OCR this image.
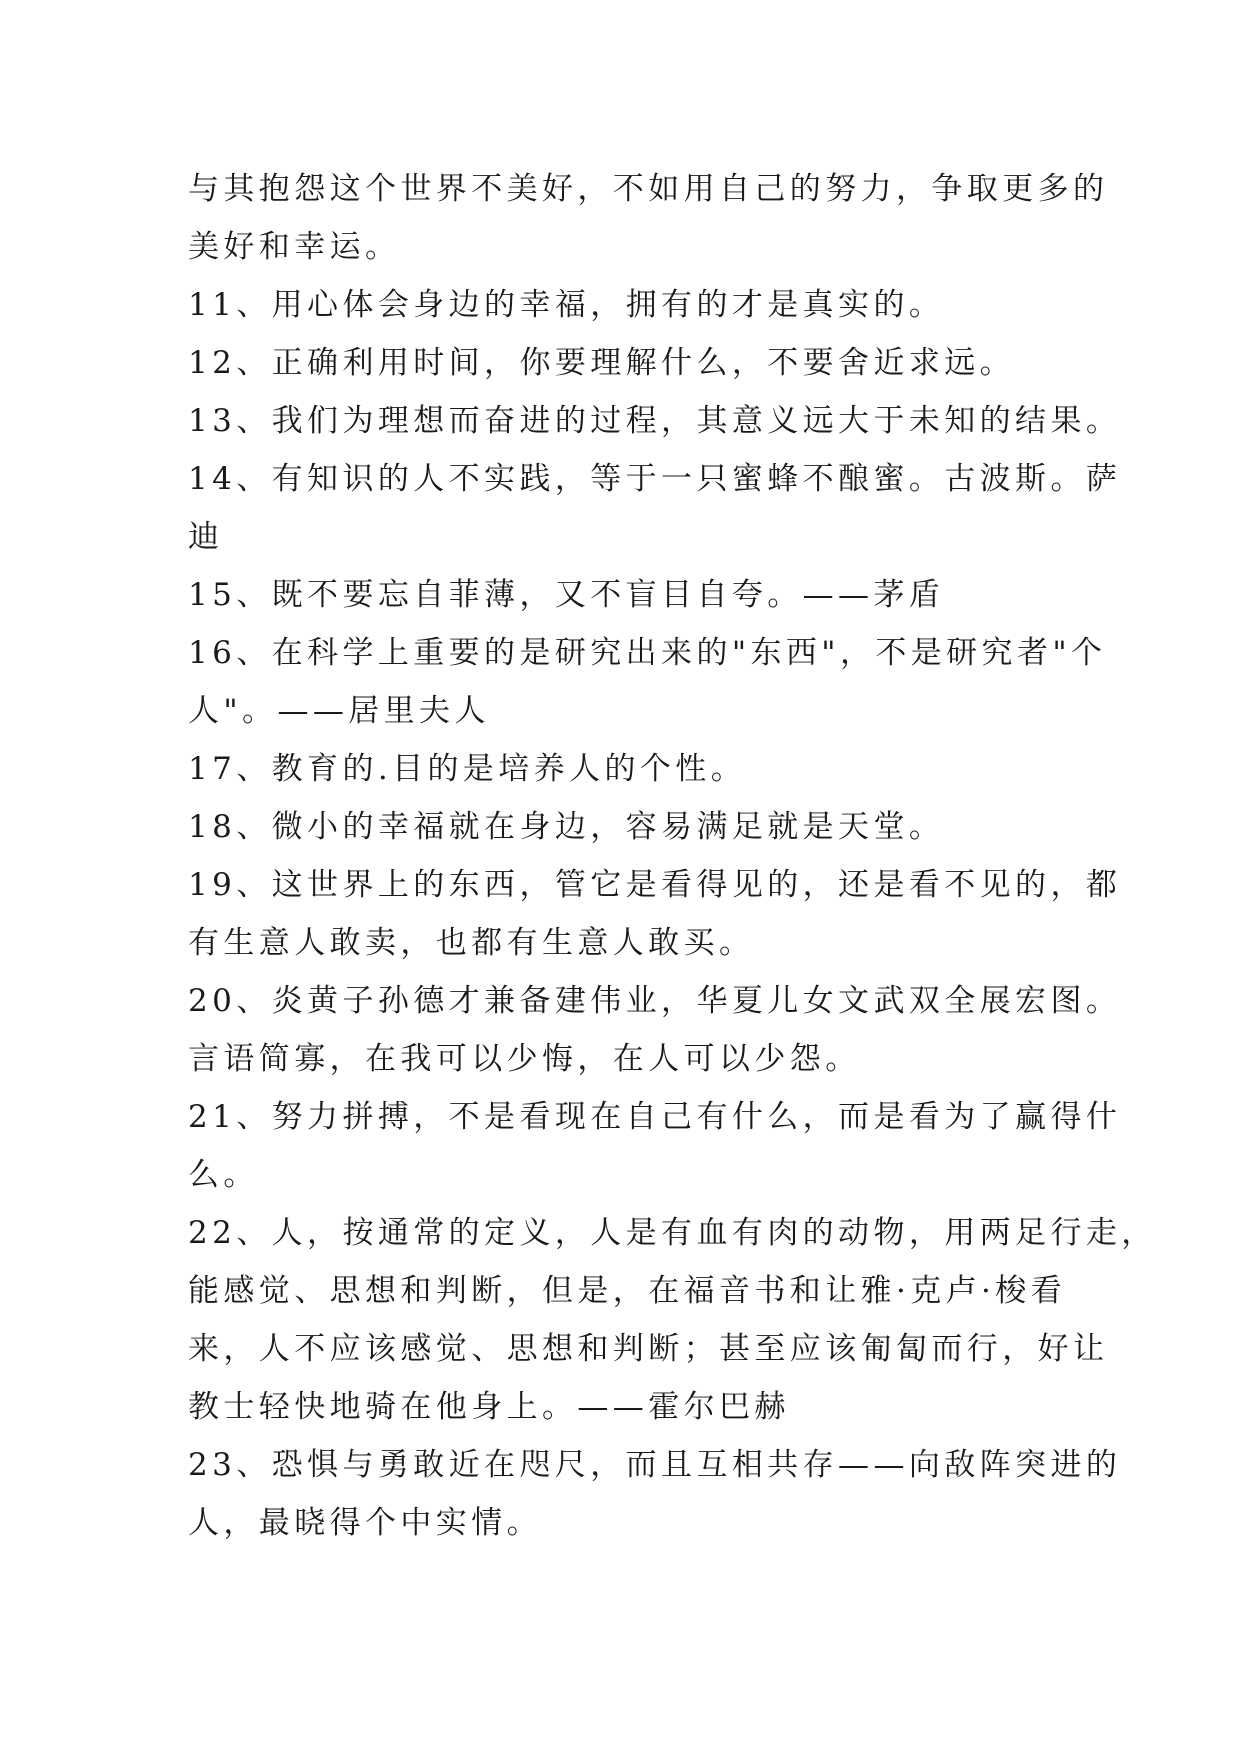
与其抱怨这个世界不美好，不如用自己的努力，争取更多的
美好和幸运。
11、用心体会身边的幸福，拥有的才是真实的。
12、正确利用时间，你要理解什么，不要舍近求远。
13、我们为理想而奋进的过程，其意义远大于未知的结果。
14、有知识的人不实践，等于一只蜜蜂不酿蜜。古波斯。萨
迪
15、既不要忘自菲薄，又不盲目自夸。——茅盾
16、在科学上重要的是研究出来的"东西"，不是研究者"个
人"。——居里夫人
17、教育的.目的是培养人的个性。
18、微小的幸福就在身边，容易满足就是天堂。
19、这世界上的东西，管它是看得见的，还是看不见的，都
有生意人敢卖，也都有生意人敢买。
20、炎黄子孙德才兼备建伟业，华夏儿女文武双全展宏图。
言语简寡，在我可以少悔，在人可以少怨。
21、努力拼搏，不是看现在自己有什么，而是看为了赢得什
么。
22、人，按通常的定义，人是有血有肉的动物，用两足行走，
能感觉、思想和判断，但是，在福音书和让雅·克卢·梭看
来，人不应该感觉、思想和判断；甚至应该匍匐而行，好让
教士轻快地骑在他身上。——霍尔巴赫
23、恐惧与勇敢近在咫尺，而且互相共存——向敌阵突进的
人，最晓得个中实情。
